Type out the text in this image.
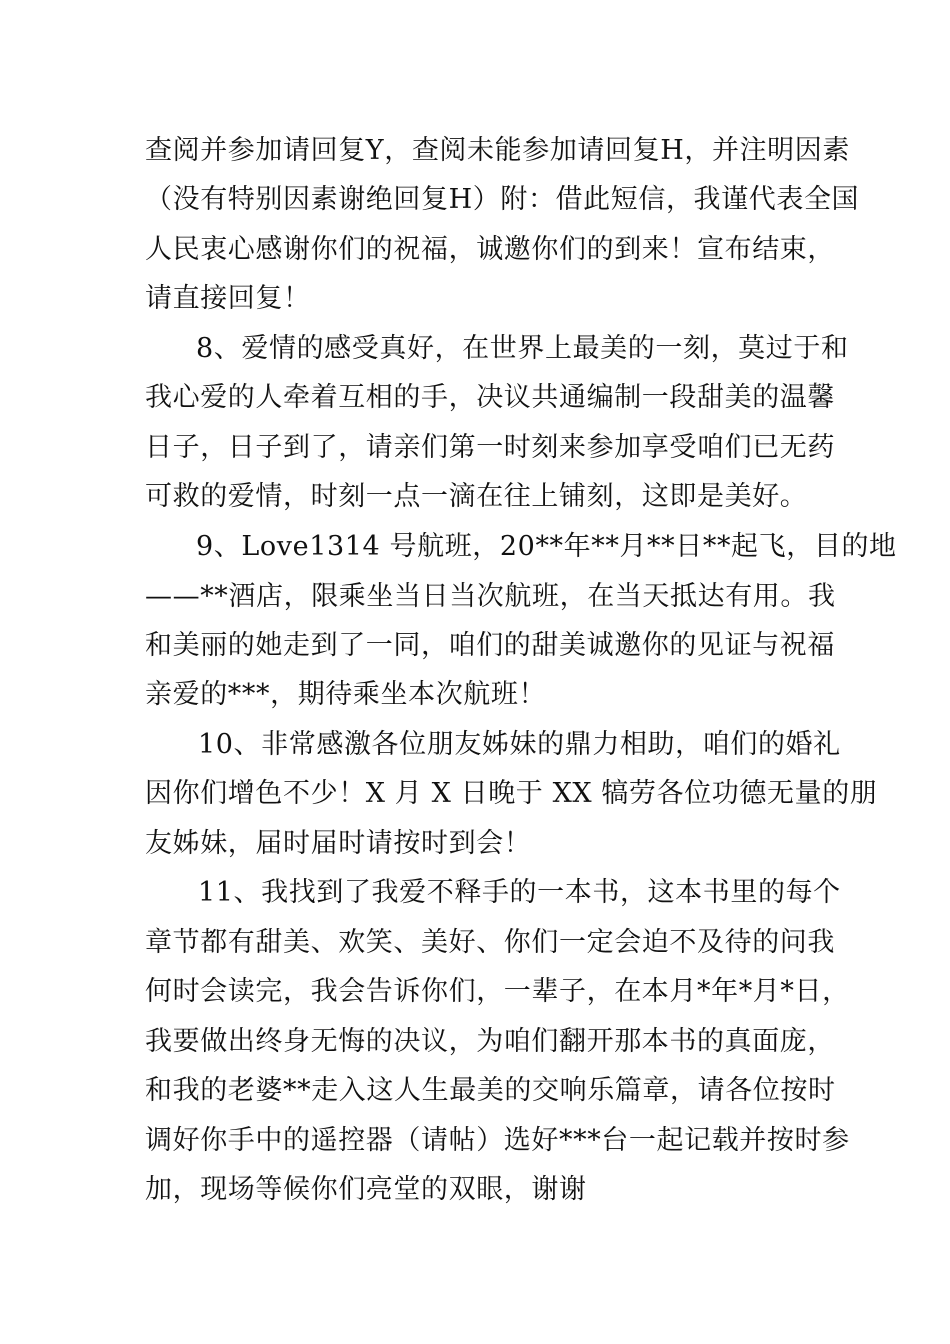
查阅并参加请回复Y，查阅未能参加请回复H，并注明因素

（没有特别因素谢绝回复H）附：借此短信，我谨代表全国

人民衷心感谢你们的祝福，诚邀你们的到来！宣布结束，

请直接回复！

8、爱情的感受真好，在世界上最美的一刻，莫过于和

我心爱的人牵着互相的手，决议共通编制一段甜美的温馨

日子，日子到了，请亲们第一时刻来参加享受咱们已无药

可救的爱情，时刻一点一滴在往上铺刻，这即是美好。

9、Love1314 号航班，20**年**月**日**起飞，目的地

——**酒店，限乘坐当日当次航班，在当天抵达有用。我

和美丽的她走到了一同，咱们的甜美诚邀你的见证与祝福

亲爱的***，期待乘坐本次航班！

10、非常感激各位朋友姊妹的鼎力相助，咱们的婚礼

因你们增色不少！X 月 X 日晚于 XX 犒劳各位功德无量的朋

友姊妹，届时届时请按时到会！

11、我找到了我爱不释手的一本书，这本书里的每个

章节都有甜美、欢笑、美好、你们一定会迫不及待的问我

何时会读完，我会告诉你们，一辈子，在本月*年*月*日，

我要做出终身无悔的决议，为咱们翻开那本书的真面庞，

和我的老婆**走入这人生最美的交响乐篇章，请各位按时

调好你手中的遥控器（请帖）选好***台一起记载并按时参

加，现场等候你们亮堂的双眼，谢谢
